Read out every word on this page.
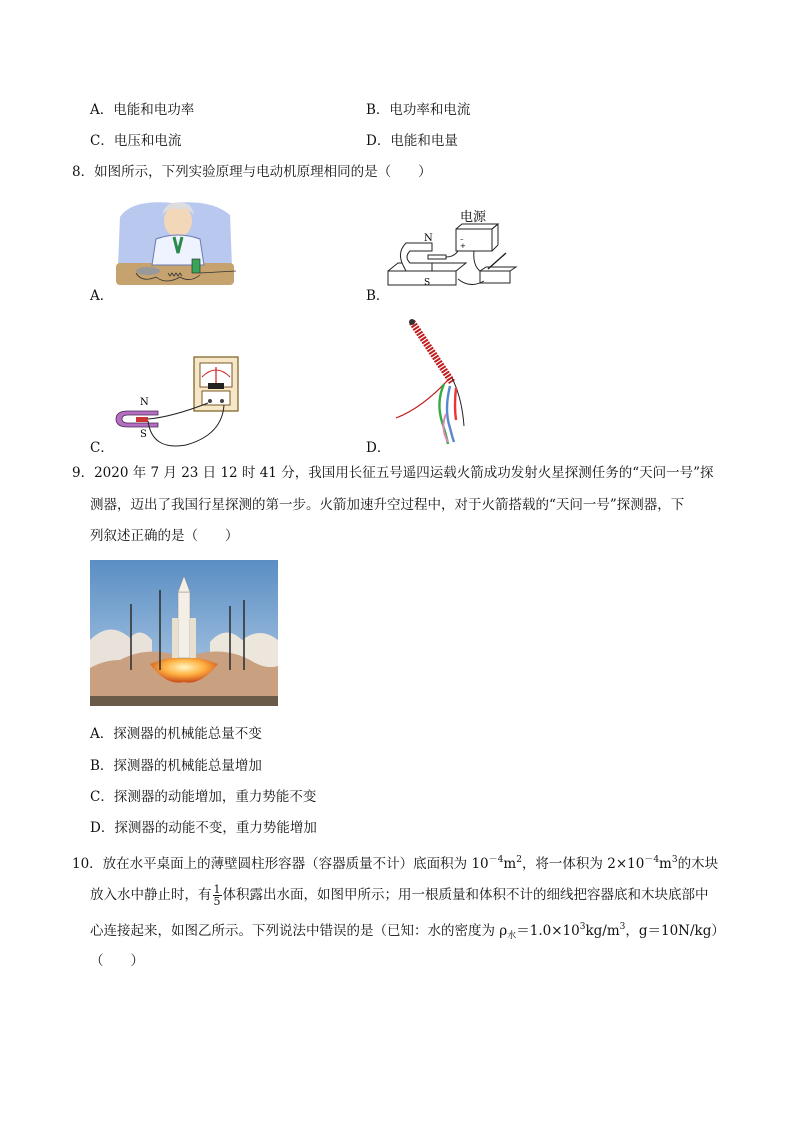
A．电能和电功率	B．电功率和电流
C．电压和电流	D．电能和电量
8．如图所示，下列实验原理与电动机原理相同的是（　　）
A．
电源
–
+
N
S
B．
N
S
C．	D．
9．2020 年 7 月 23 日 12 时 41 分，我国用长征五号遥四运载火箭成功发射火星探测任务的“天问一号”探
测器，迈出了我国行星探测的第一步。火箭加速升空过程中，对于火箭搭载的“天问一号”探测器，下
列叙述正确的是（　　）
A．探测器的机械能总量不变
B．探测器的机械能总量增加
C．探测器的动能增加，重力势能不变
D．探测器的动能不变，重力势能增加
10．放在水平桌面上的薄壁圆柱形容器（容器质量不计）底面积为 $10^{-4}m^2$，将一体积为 $2\times 10^{-4}m^3$的木块
放入水中静止时，有 $\frac{1}{5}$ 体积露出水面，如图甲所示；用一根质量和体积不计的细线把容器底和木块底部中
心连接起来，如图乙所示。下列说法中错误的是（已知：水的密度为 $\rho_水=1.0\times 10^3kg/m^3$，g＝10N/kg）
（　　）
